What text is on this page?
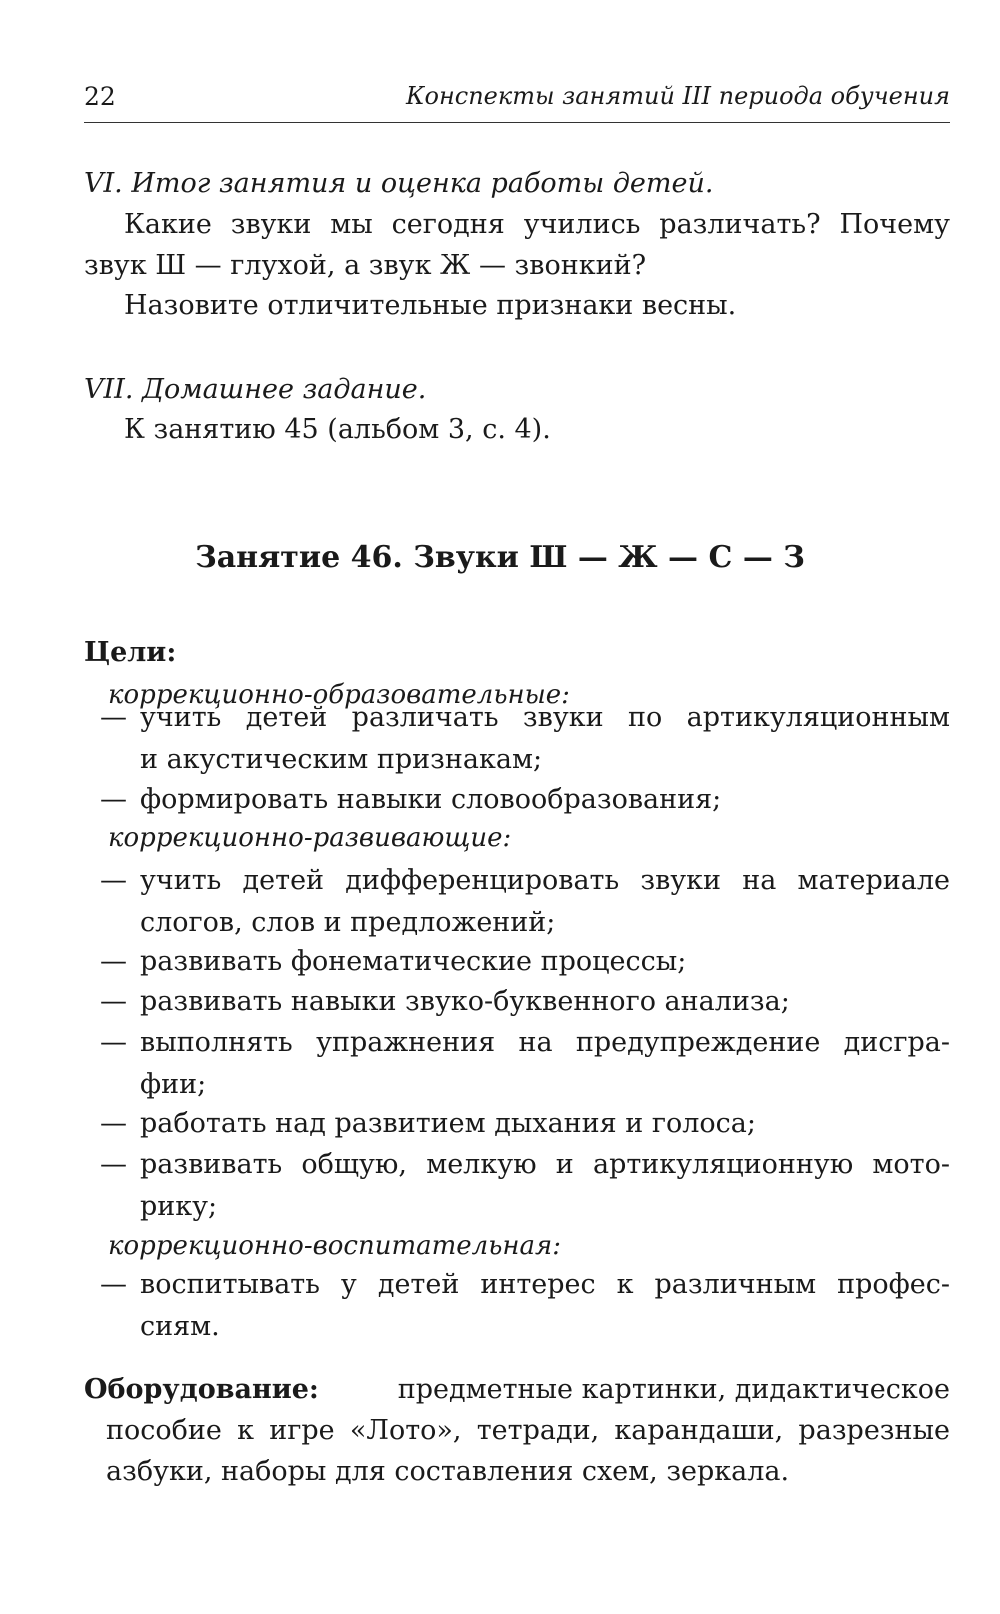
22	Конспекты занятий III периода обучения
VI. Итог занятия и оценка работы детей.
Какие звуки мы сегодня учились различать? Почему
звук Ш — глухой, а звук Ж — звонкий?
Назовите отличительные признаки весны.
VII. Домашнее задание.
К занятию 45 (альбом 3, с. 4).
Занятие 46. Звуки Ш — Ж — С — З
Цели:
коррекционно-образовательные:
— учить детей различать звуки по артикуляционным
и акустическим признакам;
— формировать навыки словообразования;
коррекционно-развивающие:
— учить детей дифференцировать звуки на материале
слогов, слов и предложений;
— развивать фонематические процессы;
— развивать навыки звуко-буквенного анализа;
— выполнять упражнения на предупреждение дисгра-
фии;
— работать над развитием дыхания и голоса;
— развивать общую, мелкую и артикуляционную мото-
рику;
коррекционно-воспитательная:
— воспитывать у детей интерес к различным профес-
сиям.
Оборудование:	предметные картинки, дидактическое
пособие к игре «Лото», тетради, карандаши, разрезные
азбуки, наборы для составления схем, зеркала.
